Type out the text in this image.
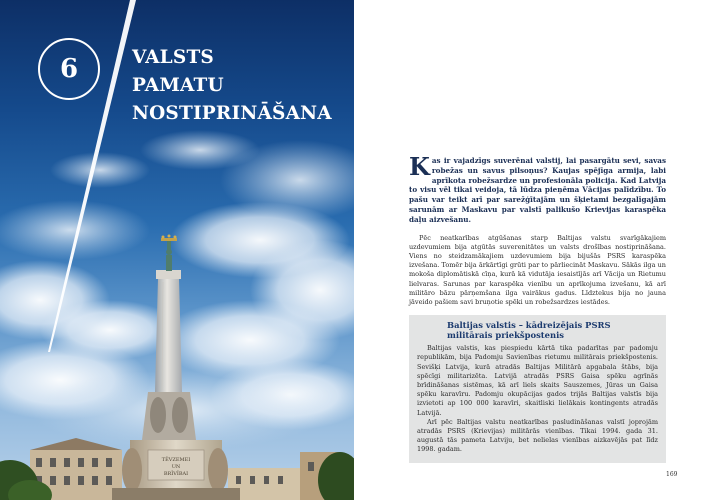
TĒVZEMEI
UN
BRĪVĪBAI
6	VALSTS
PAMATU
NOSTIPRINĀŠANA

Kas ir vajadzīgs suverēnai valstij, lai pasargātu sevi, savas robežas un savus pilsoņus? Kaujas spējīga armija, labi aprīkota robežsardze un profesionāla policija. Kad Latvija to visu vēl tikai veidoja, tā lūdza pieņēma Vācijas palīdzību. To pašu var teikt arī par sarežģītajām un šķietami bezgalīgajām sarunām ar Maskavu par valstī palikušo Krievijas karaspēka daļu aizvešanu.

Pēc neatkarības atgūšanas starp Baltijas valstu svarīgākajiem uzdevumiem bija atgūtās suverenitātes un valsts drošības nostiprināšana. Viens no steidzamākajiem uzdevumiem bija bijušās PSRS karaspēka izvešana. Tomēr bija ārkārtīgi grūti par to pārliecināt Maskavu. Sākās ilga un mokoša diplomātiskā cīņa, kurā kā vidutāja iesaistījās arī Vācija un Rietumu lielvaras. Sarunas par karaspēka vienību un aprīkojuma izvešanu, kā arī militāro bāzu pārņemšana ilga vairākus gadus. Līdztekus bija no jauna jāveido pašiem savi bruņotie spēki un robežsardzes iestādes.

Baltijas valstis – kādreizējais PSRS militārais priekšpostenis

Baltijas valstis, kas piespiedu kārtā tika padarītas par padomju republikām, bija Padomju Savienības rietumu militārais priekšpostenis. Sevišķi Latvija, kurā atradās Baltijas Militārā apgabala štābs, bija spēcīgi militarizēta. Latvijā atradās PSRS Gaisa spēku agrīnās brīdināšanas sistēmas, kā arī liels skaits Sauszemes, Jūras un Gaisa spēku karavīru. Padomju okupācijas gados trijās Baltijas valstīs bija izvietoti ap 100 000 karavīri, skaitliski lielākais kontingents atradās Latvijā.

Arī pēc Baltijas valstu neatkarības pasludināšanas valstī joprojām atradās PSRS (Krievijas) militārās vienības. Tikai 1994. gada 31. augustā tās pameta Latviju, bet nelielas vienības aizkavējās pat līdz 1998. gadam.

169
